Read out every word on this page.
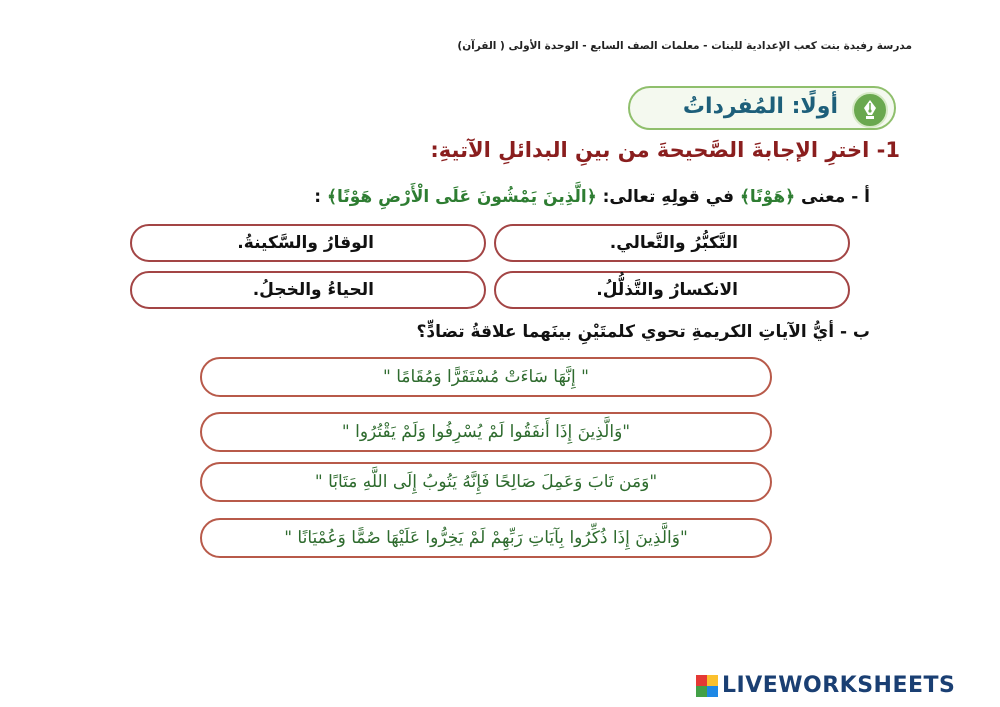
مدرسة رفيدة بنت كعب الإعدادية للبنات - معلمات الصف السابع - الوحدة الأولى ( القرآن)
أولًا: المُفرداتُ
1- اخترِ الإجابةَ الصَّحيحةَ من بينِ البدائلِ الآتيةِ:
أ - معنى ﴿هَوْنًا﴾ في قولِهِ تعالى: ﴿الَّذِينَ يَمْشُونَ عَلَى الْأَرْضِ هَوْنًا﴾ :
التَّكبُّرُ والتَّعالي.
الوقارُ والسَّكينةُ.
الانكسارُ والتَّذلُّلُ.
الحياءُ والخجلُ.
ب - أيُّ الآياتِ الكريمةِ تحوي كلمتَيْنِ بينَهما علاقةُ تضادٍّ؟
" إِنَّهَا سَاءَتْ مُسْتَقَرًّا وَمُقَامًا "
"وَالَّذِينَ إِذَا أَنفَقُوا لَمْ يُسْرِفُوا وَلَمْ يَقْتُرُوا "
"وَمَن تَابَ وَعَمِلَ صَالِحًا فَإِنَّهُ يَتُوبُ إِلَى اللَّهِ مَتَابًا "
"وَالَّذِينَ إِذَا ذُكِّرُوا بِآيَاتِ رَبِّهِمْ لَمْ يَخِرُّوا عَلَيْهَا صُمًّا وَعُمْيَانًا "
LIVEWORKSHEETS
